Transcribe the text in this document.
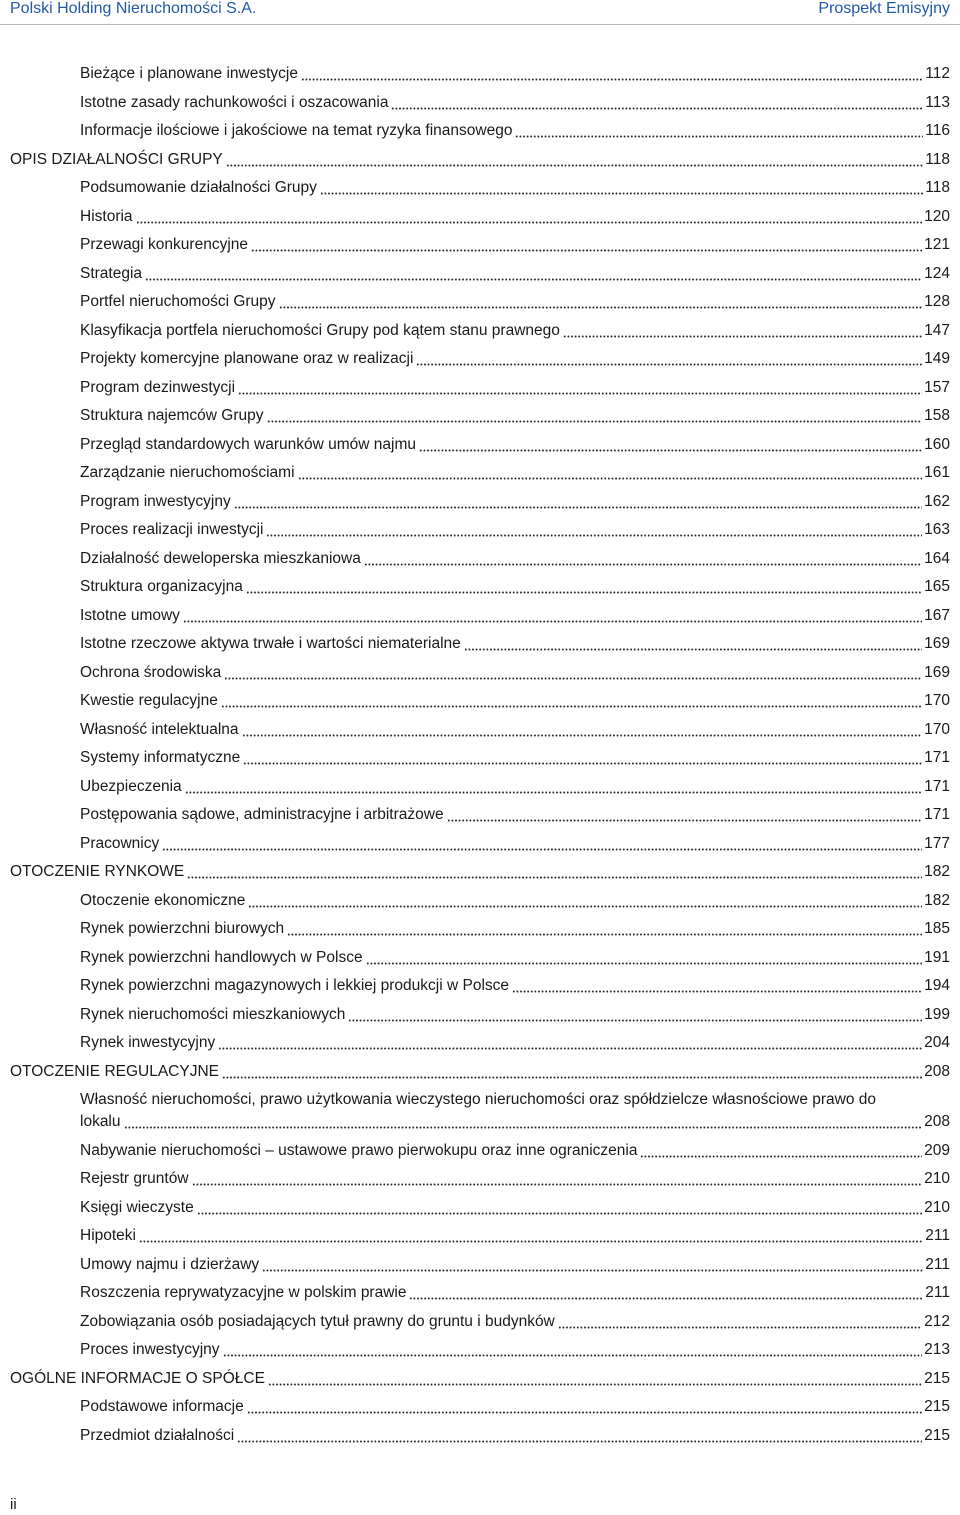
Polski Holding Nieruchomości S.A.	Prospekt Emisyjny
Bieżące i planowane inwestycje	112
Istotne zasady rachunkowości i oszacowania	113
Informacje ilościowe i jakościowe na temat ryzyka finansowego	116
OPIS DZIAŁALNOŚCI GRUPY	118
Podsumowanie działalności Grupy	118
Historia	120
Przewagi konkurencyjne	121
Strategia	124
Portfel nieruchomości Grupy	128
Klasyfikacja portfela nieruchomości Grupy pod kątem stanu prawnego	147
Projekty komercyjne planowane oraz w realizacji	149
Program dezinwestycji	157
Struktura najemców Grupy	158
Przegląd standardowych warunków umów najmu	160
Zarządzanie nieruchomościami	161
Program inwestycyjny	162
Proces realizacji inwestycji	163
Działalność deweloperska mieszkaniowa	164
Struktura organizacyjna	165
Istotne umowy	167
Istotne rzeczowe aktywa trwałe i wartości niematerialne	169
Ochrona środowiska	169
Kwestie regulacyjne	170
Własność intelektualna	170
Systemy informatyczne	171
Ubezpieczenia	171
Postępowania sądowe, administracyjne i arbitrażowe	171
Pracownicy	177
OTOCZENIE RYNKOWE	182
Otoczenie ekonomiczne	182
Rynek powierzchni biurowych	185
Rynek powierzchni handlowych w Polsce	191
Rynek powierzchni magazynowych i lekkiej produkcji w Polsce	194
Rynek nieruchomości mieszkaniowych	199
Rynek inwestycyjny	204
OTOCZENIE REGULACYJNE	208
Własność nieruchomości, prawo użytkowania wieczystego nieruchomości oraz spółdzielcze własnościowe prawo do
lokalu	208
Nabywanie nieruchomości – ustawowe prawo pierwokupu oraz inne ograniczenia	209
Rejestr gruntów	210
Księgi wieczyste	210
Hipoteki	211
Umowy najmu i dzierżawy	211
Roszczenia reprywatyzacyjne w polskim prawie	211
Zobowiązania osób posiadających tytuł prawny do gruntu i budynków	212
Proces inwestycyjny	213
OGÓLNE INFORMACJE O SPÓŁCE	215
Podstawowe informacje	215
Przedmiot działalności	215
ii
